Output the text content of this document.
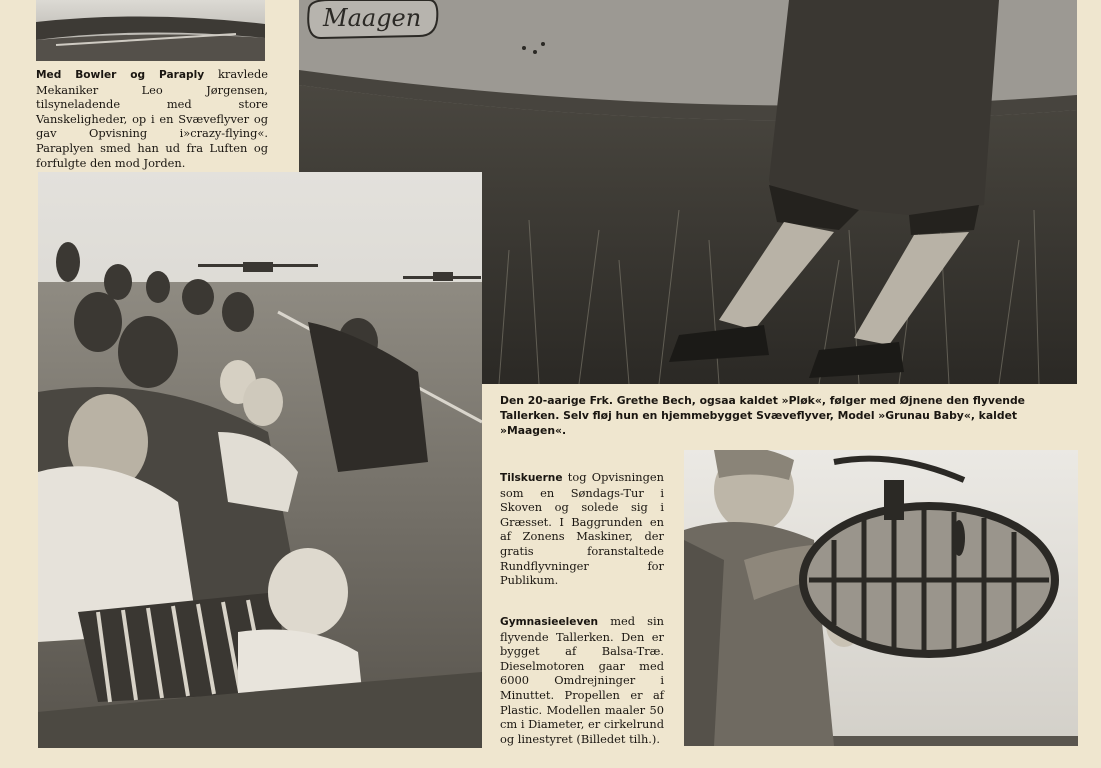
Med Bowler og Paraply kravlede Mekaniker Leo Jørgensen, tilsyneladende med store Vanskeligheder, op i en Svæveflyver og gav Opvisning i»crazy-flying«. Paraplyen smed han ud fra Luften og forfulgte den mod Jorden.
Maagen
Den 20-aarige Frk. Grethe Bech, ogsaa kaldet »Pløk«, følger med Øjnene den flyvende Tallerken. Selv fløj hun en hjemmebygget Svæveflyver, Model »Grunau Baby«, kaldet »Maagen«.
Tilskuerne tog Opvisningen som en Søndags-Tur i Skoven og solede sig i Græsset. I Baggrunden en af Zonens Maskiner, der gratis foranstaltede Rundflyvninger for Publikum.
Gymnasieeleven med sin flyvende Tallerken. Den er bygget af Balsa-Træ. Dieselmotoren gaar med 6000 Omdrejninger i Minuttet. Propellen er af Plastic. Modellen maaler 50 cm i Diameter, er cirkelrund og linestyret (Billedet tilh.).
